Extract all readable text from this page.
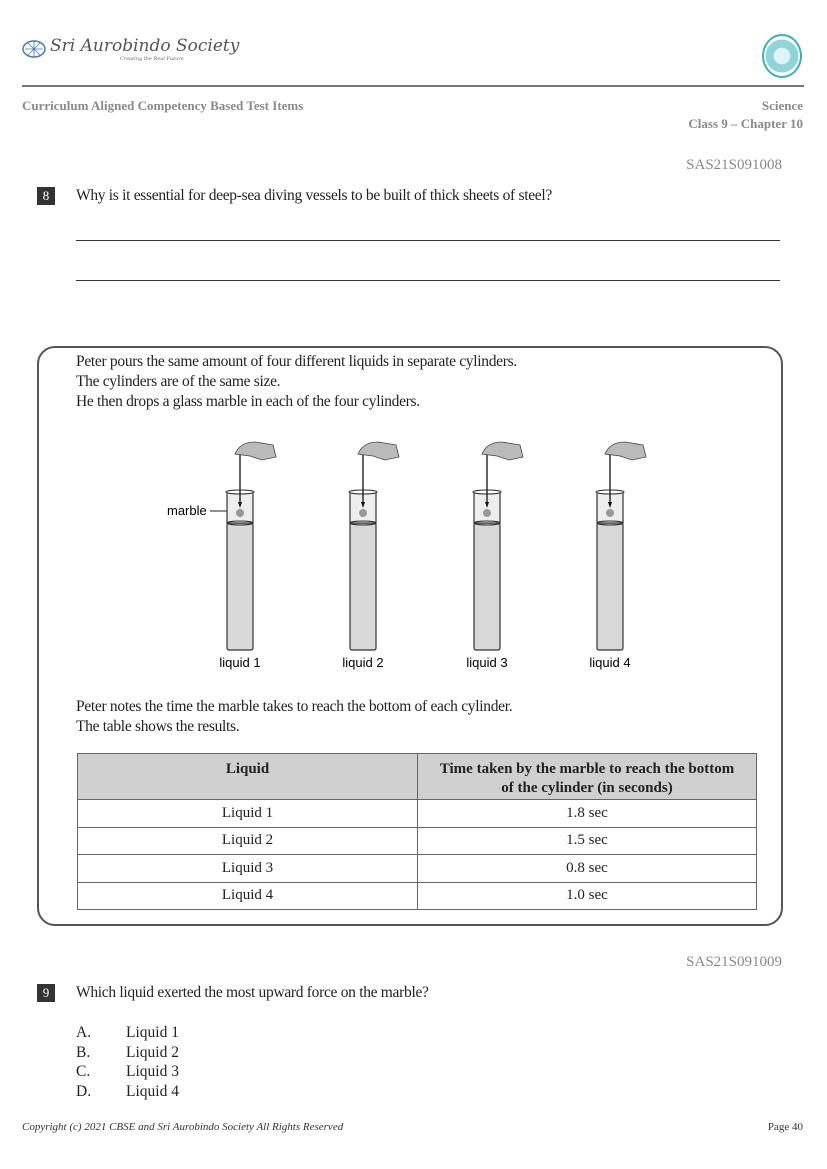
Sri Aurobindo Society
Creating the Real Future
Curriculum Aligned Competency Based Test Items	Science
Class 9 – Chapter 10
SAS21S091008
8	Why is it essential for deep-sea diving vessels to be built of thick sheets of steel?
Peter pours the same amount of four different liquids in separate cylinders.
The cylinders are of the same size.
He then drops a glass marble in each of the four cylinders.
marble
liquid 1	liquid 2	liquid 3	liquid 4
Peter notes the time the marble takes to reach the bottom of each cylinder.
The table shows the results.
Liquid	Time taken by the marble to reach the bottom of the cylinder (in seconds)
Liquid 1	1.8 sec
Liquid 2	1.5 sec
Liquid 3	0.8 sec
Liquid 4	1.0 sec
SAS21S091009
9	Which liquid exerted the most upward force on the marble?
A. Liquid 1
B. Liquid 2
C. Liquid 3
D. Liquid 4
Copyright (c) 2021 CBSE and Sri Aurobindo Society All Rights Reserved	Page 40
